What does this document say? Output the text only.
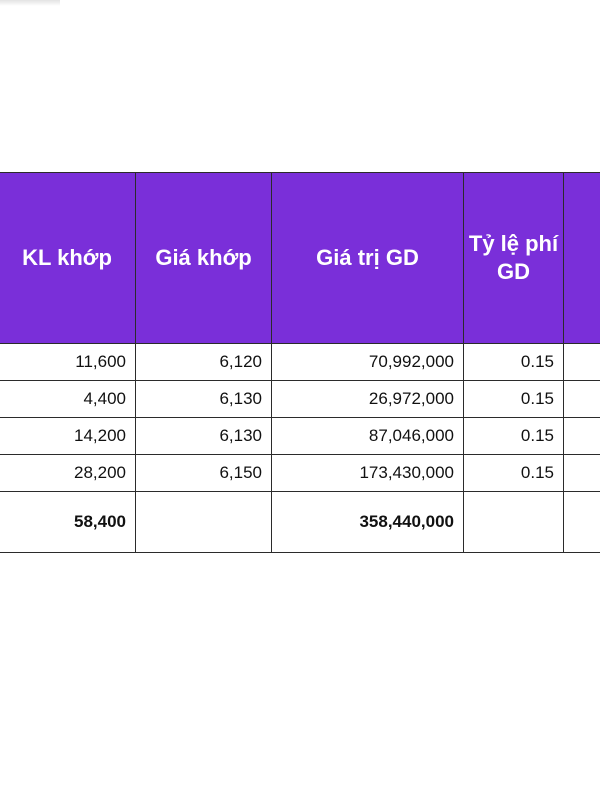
KL khớp	Giá khớp	Giá trị GD	Tỷ lệ phí GD	
11,600	6,120	70,992,000	0.15	
4,400	6,130	26,972,000	0.15	
14,200	6,130	87,046,000	0.15	
28,200	6,150	173,430,000	0.15	
58,400		358,440,000		
